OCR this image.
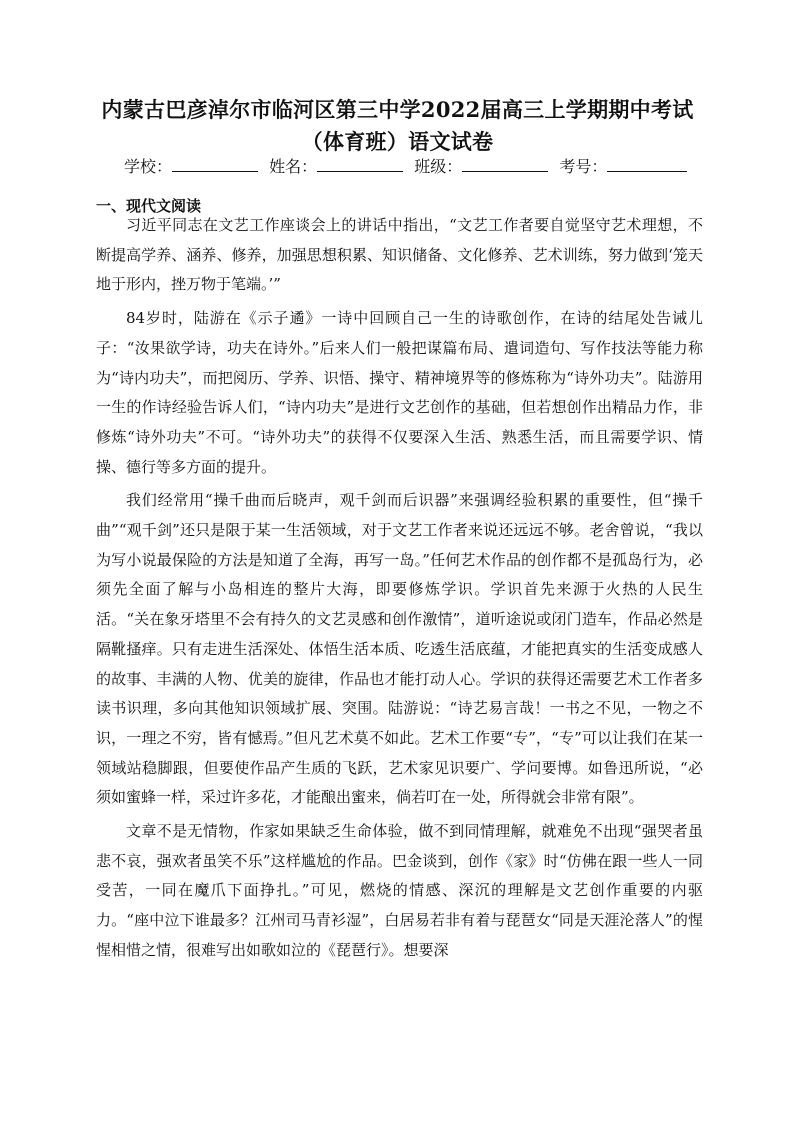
内蒙古巴彦淖尔市临河区第三中学2022届高三上学期期中考试（体育班）语文试卷
学校：	姓名：	班级：	考号：
一、现代文阅读

习近平同志在文艺工作座谈会上的讲话中指出，“文艺工作者要自觉坚守艺术理想，不断提高学养、涵养、修养，加强思想积累、知识储备、文化修养、艺术训练，努力做到‘笼天地于形内，挫万物于笔端。’”

84岁时，陆游在《示子遹》一诗中回顾自己一生的诗歌创作，在诗的结尾处告诫儿子：“汝果欲学诗，功夫在诗外。”后来人们一般把谋篇布局、遣词造句、写作技法等能力称为“诗内功夫”，而把阅历、学养、识悟、操守、精神境界等的修炼称为“诗外功夫”。陆游用一生的作诗经验告诉人们，“诗内功夫”是进行文艺创作的基础，但若想创作出精品力作，非修炼“诗外功夫”不可。“诗外功夫”的获得不仅要深入生活、熟悉生活，而且需要学识、情操、德行等多方面的提升。

我们经常用“操千曲而后晓声，观千剑而后识器”来强调经验积累的重要性，但“操千曲”“观千剑”还只是限于某一生活领域，对于文艺工作者来说还远远不够。老舍曾说，“我以为写小说最保险的方法是知道了全海，再写一岛。”任何艺术作品的创作都不是孤岛行为，必须先全面了解与小岛相连的整片大海，即要修炼学识。学识首先来源于火热的人民生活。“关在象牙塔里不会有持久的文艺灵感和创作激情”，道听途说或闭门造车，作品必然是隔靴搔痒。只有走进生活深处、体悟生活本质、吃透生活底蕴，才能把真实的生活变成感人的故事、丰满的人物、优美的旋律，作品也才能打动人心。学识的获得还需要艺术工作者多读书识理，多向其他知识领域扩展、突围。陆游说：“诗艺易言哉！一书之不见，一物之不识，一理之不穷，皆有憾焉。”但凡艺术莫不如此。艺术工作要“专”，“专”可以让我们在某一领域站稳脚跟，但要使作品产生质的飞跃，艺术家见识要广、学问要博。如鲁迅所说，“必须如蜜蜂一样，采过许多花，才能酿出蜜来，倘若叮在一处，所得就会非常有限”。

文章不是无情物，作家如果缺乏生命体验，做不到同情理解，就难免不出现“强哭者虽悲不哀，强欢者虽笑不乐”这样尴尬的作品。巴金谈到，创作《家》时“仿佛在跟一些人一同受苦，一同在魔爪下面挣扎。”可见，燃烧的情感、深沉的理解是文艺创作重要的内驱力。“座中泣下谁最多？江州司马青衫湿”，白居易若非有着与琵琶女“同是天涯沦落人”的惺惺相惜之情，很难写出如歌如泣的《琵琶行》。想要深
